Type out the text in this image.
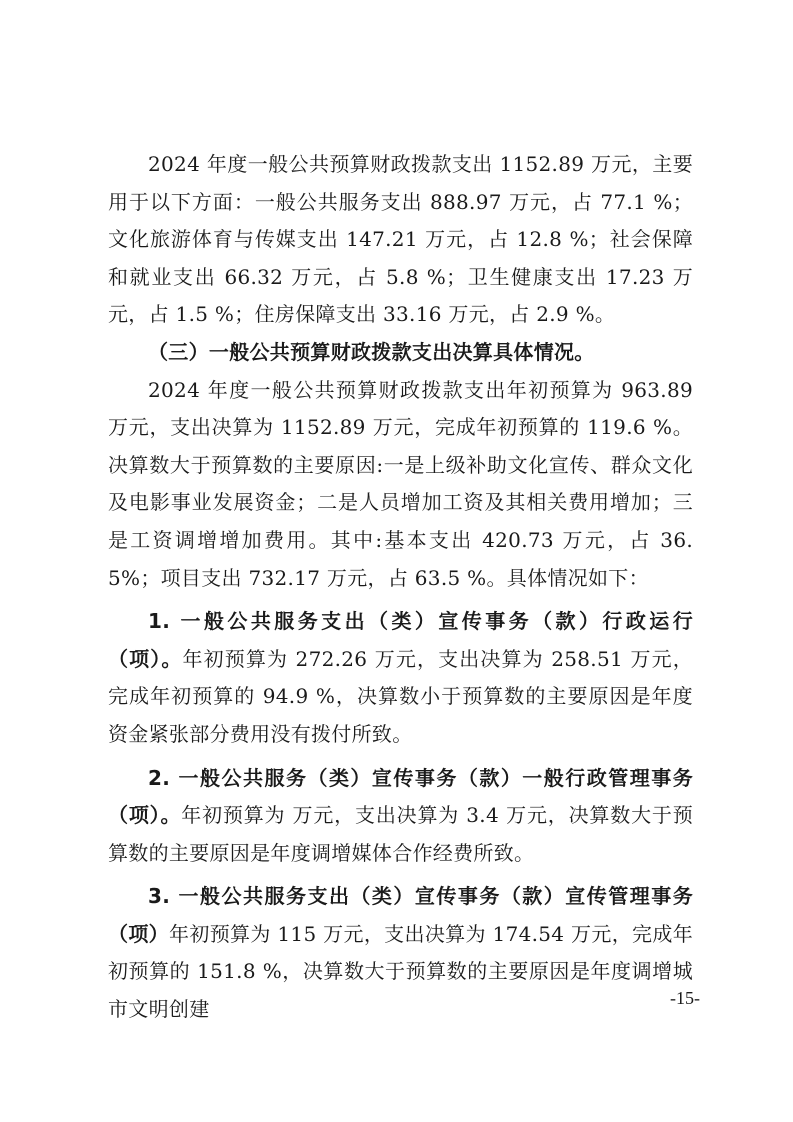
2024 年度一般公共预算财政拨款支出 1152.89 万元，主要用于以下方面：一般公共服务支出 888.97 万元，占 77.1 %；文化旅游体育与传媒支出 147.21 万元，占 12.8 %；社会保障和就业支出 66.32 万元，占 5.8 %；卫生健康支出 17.23 万元，占 1.5 %；住房保障支出 33.16 万元，占 2.9 %。

（三）一般公共预算财政拨款支出决算具体情况。

2024 年度一般公共预算财政拨款支出年初预算为 963.89 万元，支出决算为 1152.89 万元，完成年初预算的 119.6 %。决算数大于预算数的主要原因:一是上级补助文化宣传、群众文化及电影事业发展资金；二是人员增加工资及其相关费用增加；三是工资调增增加费用。其中:基本支出 420.73 万元，占 36.5%；项目支出 732.17 万元，占 63.5 %。具体情况如下：

1. 一般公共服务支出（类）宣传事务（款）行政运行（项）。年初预算为 272.26 万元，支出决算为 258.51 万元，完成年初预算的 94.9 %，决算数小于预算数的主要原因是年度资金紧张部分费用没有拨付所致。

2. 一般公共服务（类）宣传事务（款）一般行政管理事务（项）。年初预算为 万元，支出决算为 3.4 万元，决算数大于预算数的主要原因是年度调增媒体合作经费所致。

3. 一般公共服务支出（类）宣传事务（款）宣传管理事务（项）年初预算为 115 万元，支出决算为 174.54 万元，完成年初预算的 151.8 %，决算数大于预算数的主要原因是年度调增城市文明创建	-15-
